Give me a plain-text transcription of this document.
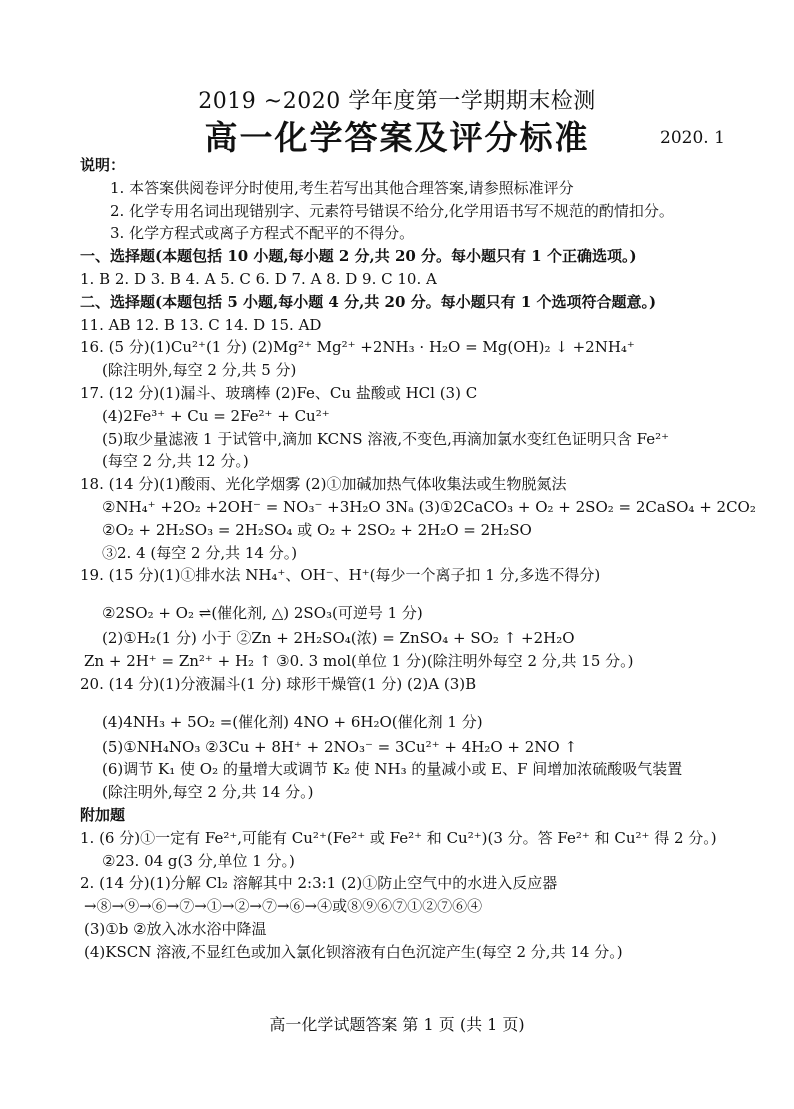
2019 ~2020 学年度第一学期期末检测
高一化学答案及评分标准	2020. 1
说明：
1. 本答案供阅卷评分时使用,考生若写出其他合理答案,请参照标准评分
2. 化学专用名词出现错别字、元素符号错误不给分,化学用语书写不规范的酌情扣分。
3. 化学方程式或离子方程式不配平的不得分。
一、选择题(本题包括 10 小题,每小题 2 分,共 20 分。每小题只有 1 个正确选项。)
1. B 2. D 3. B 4. A 5. C 6. D 7. A 8. D 9. C 10. A
二、选择题(本题包括 5 小题,每小题 4 分,共 20 分。每小题只有 1 个选项符合题意。)
11. AB 12. B 13. C 14. D 15. AD
16. (5 分)(1)Cu²⁺(1 分) (2)Mg²⁺ Mg²⁺ +2NH₃ · H₂O = Mg(OH)₂ ↓ +2NH₄⁺
(除注明外,每空 2 分,共 5 分)
17. (12 分)(1)漏斗、玻璃棒 (2)Fe、Cu 盐酸或 HCl (3) C
(4)2Fe³⁺ + Cu = 2Fe²⁺ + Cu²⁺
(5)取少量滤液 1 于试管中,滴加 KCNS 溶液,不变色,再滴加氯水变红色证明只含 Fe²⁺
(每空 2 分,共 12 分。)
18. (14 分)(1)酸雨、光化学烟雾 (2)①加碱加热气体收集法或生物脱氮法
②NH₄⁺ +2O₂ +2OH⁻ = NO₃⁻ +3H₂O 3Nₐ (3)①2CaCO₃ + O₂ + 2SO₂ = 2CaSO₄ + 2CO₂
②O₂ + 2H₂SO₃ = 2H₂SO₄ 或 O₂ + 2SO₂ + 2H₂O = 2H₂SO
③2. 4 (每空 2 分,共 14 分。)
19. (15 分)(1)①排水法 NH₄⁺、OH⁻、H⁺(每少一个离子扣 1 分,多选不得分)
②2SO₂ + O₂ ⇌(催化剂, △) 2SO₃(可逆号 1 分)
(2)①H₂(1 分) 小于 ②Zn + 2H₂SO₄(浓) = ZnSO₄ + SO₂ ↑ +2H₂O
Zn + 2H⁺ = Zn²⁺ + H₂ ↑ ③0. 3 mol(单位 1 分)(除注明外每空 2 分,共 15 分。)
20. (14 分)(1)分液漏斗(1 分) 球形干燥管(1 分) (2)A (3)B
(4)4NH₃ + 5O₂ =(催化剂) 4NO + 6H₂O(催化剂 1 分)
(5)①NH₄NO₃ ②3Cu + 8H⁺ + 2NO₃⁻ = 3Cu²⁺ + 4H₂O + 2NO ↑
(6)调节 K₁ 使 O₂ 的量增大或调节 K₂ 使 NH₃ 的量减小或 E、F 间增加浓硫酸吸气装置
(除注明外,每空 2 分,共 14 分。)
附加题
1. (6 分)①一定有 Fe²⁺,可能有 Cu²⁺(Fe²⁺ 或 Fe²⁺ 和 Cu²⁺)(3 分。答 Fe²⁺ 和 Cu²⁺ 得 2 分。)
②23. 04 g(3 分,单位 1 分。)
2. (14 分)(1)分解 Cl₂ 溶解其中 2:3:1 (2)①防止空气中的水进入反应器
→⑧→⑨→⑥→⑦→①→②→⑦→⑥→④或⑧⑨⑥⑦①②⑦⑥④
(3)①b ②放入冰水浴中降温
(4)KSCN 溶液,不显红色或加入氯化钡溶液有白色沉淀产生(每空 2 分,共 14 分。)
高一化学试题答案 第 1 页 (共 1 页)
